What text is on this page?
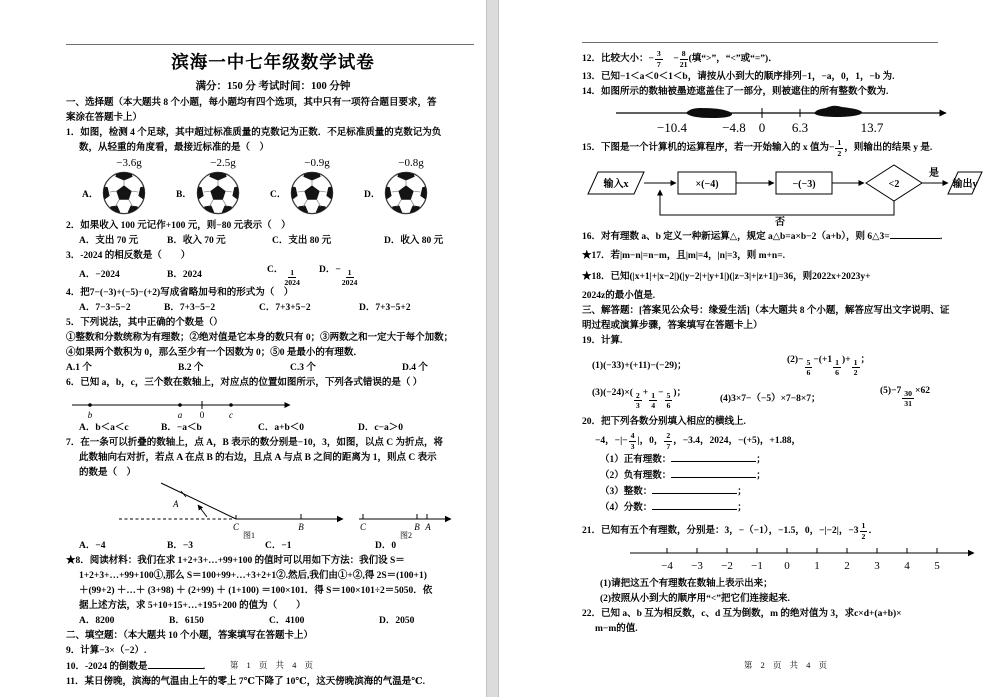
滨海一中七年级数学试卷
满分：150 分 考试时间：100 分钟
一、选择题（本大题共 8 个小题，每小题均有四个选项，其中只有一项符合题目要求，答
案涂在答题卡上）
1．如图，检测 4 个足球，其中超过标准质量的克数记为正数．不足标准质量的克数记为负
数，从轻重的角度看，最接近标准的是（　）
−3.6g	−2.5g	−0.9g	−0.8g
A．	B．	C．	D．
2．如果收入 100 元记作+100 元，则−80 元表示（　）
A．支出 70 元	B．收入 70 元	C．支出 80 元	D．收入 80 元
3．-2024 的相反数是（　　）
A．−2024	B．2024	C． $\frac{1}{2024}$ D．− $\frac{1}{2024}$
4．把7−(−3)+(−5)−(+2)写成省略加号和的形式为（　）
A．7−3−5−2	B．7+3−5−2	C．7+3+5−2	D．7+3−5+2
5．下列说法，其中正确的个数是（）
①整数和分数统称为有理数；②绝对值是它本身的数只有 0；③两数之和一定大于每个加数；
④如果两个数积为 0，那么至少有一个因数为 0；⑤0 是最小的有理数．
A.1 个	B.2 个	C.3 个	D.4 个
6．已知 a，b，c，三个数在数轴上，对应点的位置如图所示，下列各式错误的是（ ）
b	a 0	c
A．b＜a＜c	B．−a＜b	C．a+b＜0	D．c−a＞0
7．在一条可以折叠的数轴上，点 A，B 表示的数分别是−10，3，如图，以点 C 为折点，将
此数轴向右对折，若点 A 在点 B 的右边，且点 A 与点 B 之间的距离为 1，则点 C 表示
的数是（　）
A
C	B
图1
C	B A
图2
A．−4	B．−3	C．−1	D．0
★8．阅读材料：我们在求 1+2+3+…+99+100 的值时可以用如下方法：我们设 S＝
1+2+3+…+99+100①,那么 S＝100+99+…+3+2+1②.然后,我们由①+②,得 2S＝(100+1)
＋(99+2) ＋…＋ (3+98) ＋ (2+99) ＋ (1+100) ＝100×101．得 S＝100×101÷2＝5050．依
据上述方法，求 5+10+15+…+195+200 的值为（　　）
A．8200	B．6150	C．4100	D．2050
二、填空题：（本大题共 10 个小题，答案填写在答题卡上）
9．计算−3×（−2）.
10．-2024 的倒数是	．
11．某日傍晚，滨海的气温由上午的零上 7℃下降了 10℃，这天傍晚滨海的气温是℃.
第 1 页 共 4 页
12．比较大小：− $\frac{3}{7}$ 　− $\frac{8}{21}$ (填“>”，“<”或“=”)．
13．已知−1＜a＜0＜1＜b，请按从小到大的顺序排列−1，−a，0，1，−b 为.
14．如图所示的数轴被墨迹遮盖住了一部分，则被遮住的所有整数个数为.
−10.4	−4.8 0 6.3	13.7
15．下图是一个计算机的运算程序，若一开始输入的 x 值为− $\frac{1}{2}$ ，则输出的结果 y 是.
输入x	×(−4)	−(−3)	<2
是
输出y
否
16．对有理数 a、b 定义一种新运算△，规定 a△b=a×b−2（a+b），则 6△3=	．
★17．若|m−n|=n−m，且|m|=4，|n|=3，则 m+n=.
★18．已知(|x+1|+|x−2|)(|y−2|+|y+1|)(|z−3|+|z+1|)=36，则2022x+2023y+
2024z的最小值是.
三、解答题：[答案见公众号：缘爱生活]（本大题共 8 个小题，解答应写出文字说明、证
明过程或演算步骤，答案填写在答题卡上）
19．计算.
(1)(−33)+(+11)−(−29)；
$(2)- \frac{5}{6} -(+1 \frac{1}{6}$ )+ $\frac{1}{2}$ ；
$(3)(-24)\times( \frac{2}{3} + \frac{1}{4} - \frac{5}{6}$ )；
(4)3×7−（−5）×7−8×7；
$(5)-7 \frac{30}{31} \times 62$
20．把下列各数分别填入相应的横线上.
−4，−|− $\frac{4}{3}$ |，0， $\frac{2}{7}$ ，−3.4，2024，−(+5)，+1.88，
（1）正有理数：	；
（2）负有理数：	；
（3）整数：	；
（4）分数：	；
21．已知有五个有理数，分别是：3，−（−1），−1.5，0，−|−2|，$-3 \frac{1}{2}$ ．
−4 −3 −2 −1 0 1 2 3 4 5
(1)请把这五个有理数在数轴上表示出来；
(2)按照从小到大的顺序用“<”把它们连接起来.
22．已知 a、b 互为相反数，c、d 互为倒数，m 的绝对值为 3，求c×d+(a+b)×
m−m的值.
第 2 页 共 4 页
